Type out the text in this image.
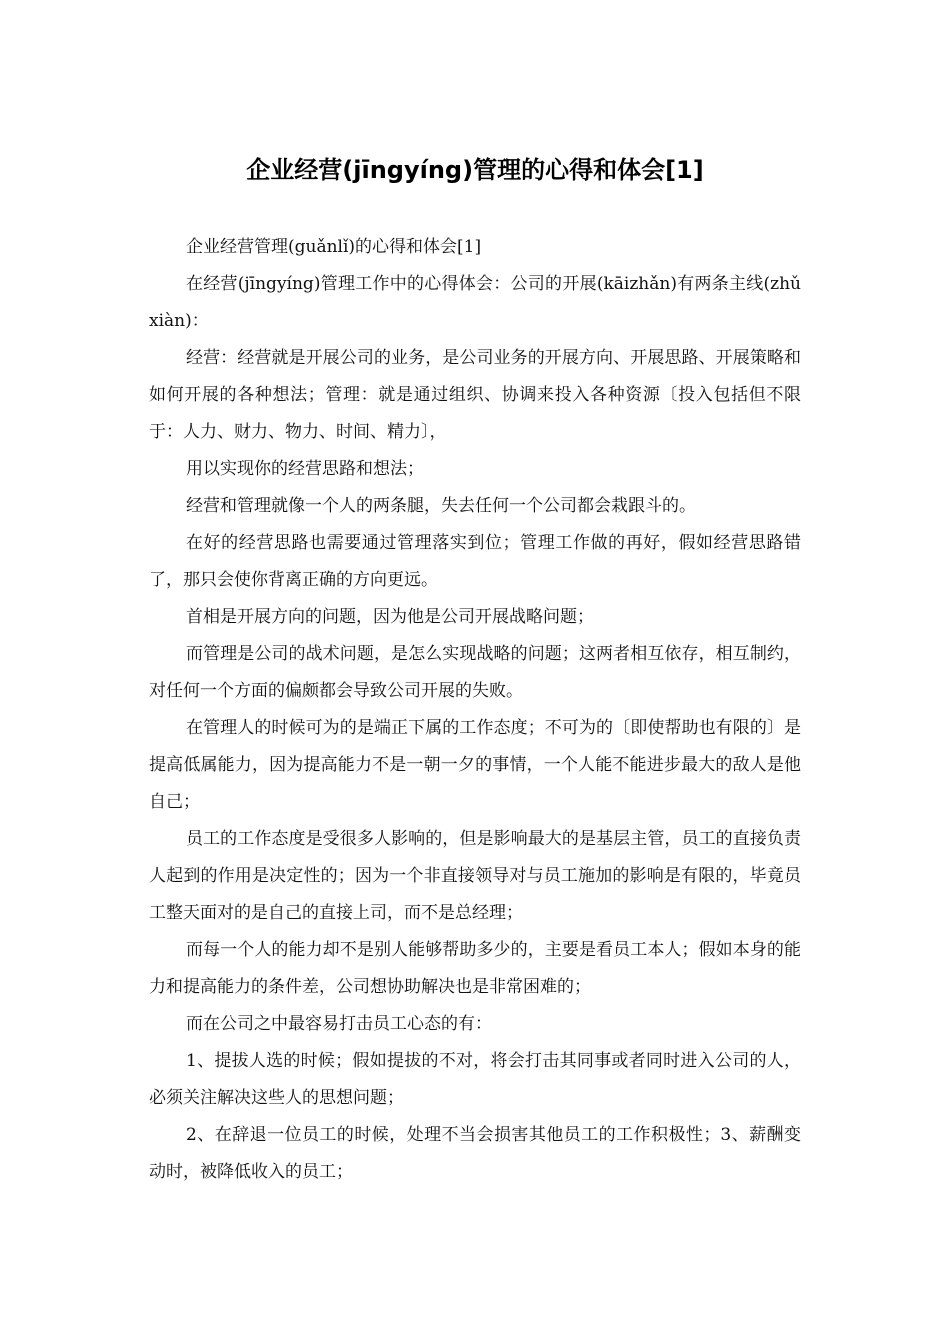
企业经营(jīngyíng)管理的心得和体会[1]

企业经营管理(guǎnlǐ)的心得和体会[1]

在经营(jīngyíng)管理工作中的心得体会：公司的开展(kāizhǎn)有两条主线(zhǔ xiàn)：

经营：经营就是开展公司的业务，是公司业务的开展方向、开展思路、开展策略和如何开展的各种想法；管理：就是通过组织、协调来投入各种资源〔投入包括但不限于：人力、财力、物力、时间、精力〕，

用以实现你的经营思路和想法；

经营和管理就像一个人的两条腿，失去任何一个公司都会栽跟斗的。

在好的经营思路也需要通过管理落实到位；管理工作做的再好，假如经营思路错了，那只会使你背离正确的方向更远。

首相是开展方向的问题，因为他是公司开展战略问题；

而管理是公司的战术问题，是怎么实现战略的问题；这两者相互依存，相互制约，对任何一个方面的偏颇都会导致公司开展的失败。

在管理人的时候可为的是端正下属的工作态度；不可为的〔即使帮助也有限的〕是提高低属能力，因为提高能力不是一朝一夕的事情，一个人能不能进步最大的敌人是他自己；

员工的工作态度是受很多人影响的，但是影响最大的是基层主管，员工的直接负责人起到的作用是决定性的；因为一个非直接领导对与员工施加的影响是有限的，毕竟员工整天面对的是自己的直接上司，而不是总经理；

而每一个人的能力却不是别人能够帮助多少的，主要是看员工本人；假如本身的能力和提高能力的条件差，公司想协助解决也是非常困难的；

而在公司之中最容易打击员工心态的有：

1、提拔人选的时候；假如提拔的不对，将会打击其同事或者同时进入公司的人，必须关注解决这些人的思想问题；

2、在辞退一位员工的时候，处理不当会损害其他员工的工作积极性；3、薪酬变动时，被降低收入的员工；
